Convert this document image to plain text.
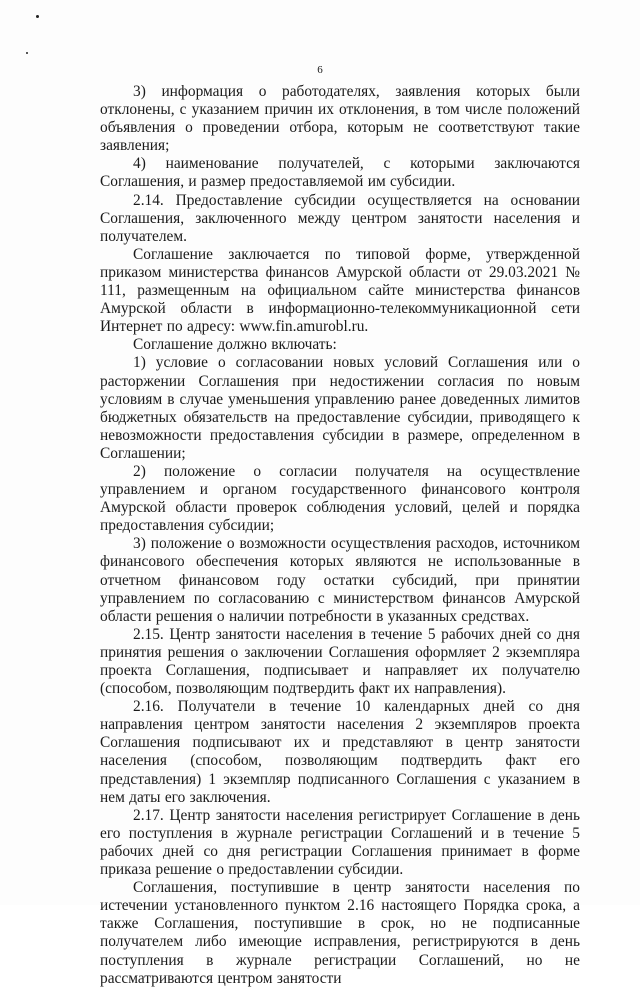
6

3) информация о работодателях, заявления которых были отклонены, с указанием причин их отклонения, в том числе положений объявления о проведении отбора, которым не соответствуют такие заявления;

4) наименование получателей, с которыми заключаются Соглашения, и размер предоставляемой им субсидии.

2.14. Предоставление субсидии осуществляется на основании Соглашения, заключенного между центром занятости населения и получателем.

Соглашение заключается по типовой форме, утвержденной приказом министерства финансов Амурской области от 29.03.2021 № 111, размещенным на официальном сайте министерства финансов Амурской области в информационно-телекоммуникационной сети Интернет по адресу: www.fin.amurobl.ru.

Соглашение должно включать:

1) условие о согласовании новых условий Соглашения или о расторжении Соглашения при недостижении согласия по новым условиям в случае уменьшения управлению ранее доведенных лимитов бюджетных обязательств на предоставление субсидии, приводящего к невозможности предоставления субсидии в размере, определенном в Соглашении;

2) положение о согласии получателя на осуществление управлением и органом государственного финансового контроля Амурской области проверок соблюдения условий, целей и порядка предоставления субсидии;

3) положение о возможности осуществления расходов, источником финансового обеспечения которых являются не использованные в отчетном финансовом году остатки субсидий, при принятии управлением по согласованию с министерством финансов Амурской области решения о наличии потребности в указанных средствах.

2.15. Центр занятости населения в течение 5 рабочих дней со дня принятия решения о заключении Соглашения оформляет 2 экземпляра проекта Соглашения, подписывает и направляет их получателю (способом, позволяющим подтвердить факт их направления).

2.16. Получатели в течение 10 календарных дней со дня направления центром занятости населения 2 экземпляров проекта Соглашения подписывают их и представляют в центр занятости населения (способом, позволяющим подтвердить факт его представления) 1 экземпляр подписанного Соглашения с указанием в нем даты его заключения.

2.17. Центр занятости населения регистрирует Соглашение в день его поступления в журнале регистрации Соглашений и в течение 5 рабочих дней со дня регистрации Соглашения принимает в форме приказа решение о предоставлении субсидии.

Соглашения, поступившие в центр занятости населения по истечении установленного пунктом 2.16 настоящего Порядка срока, а также Соглашения, поступившие в срок, но не подписанные получателем либо имеющие исправления, регистрируются в день поступления в журнале регистрации Соглашений, но не рассматриваются центром занятости
